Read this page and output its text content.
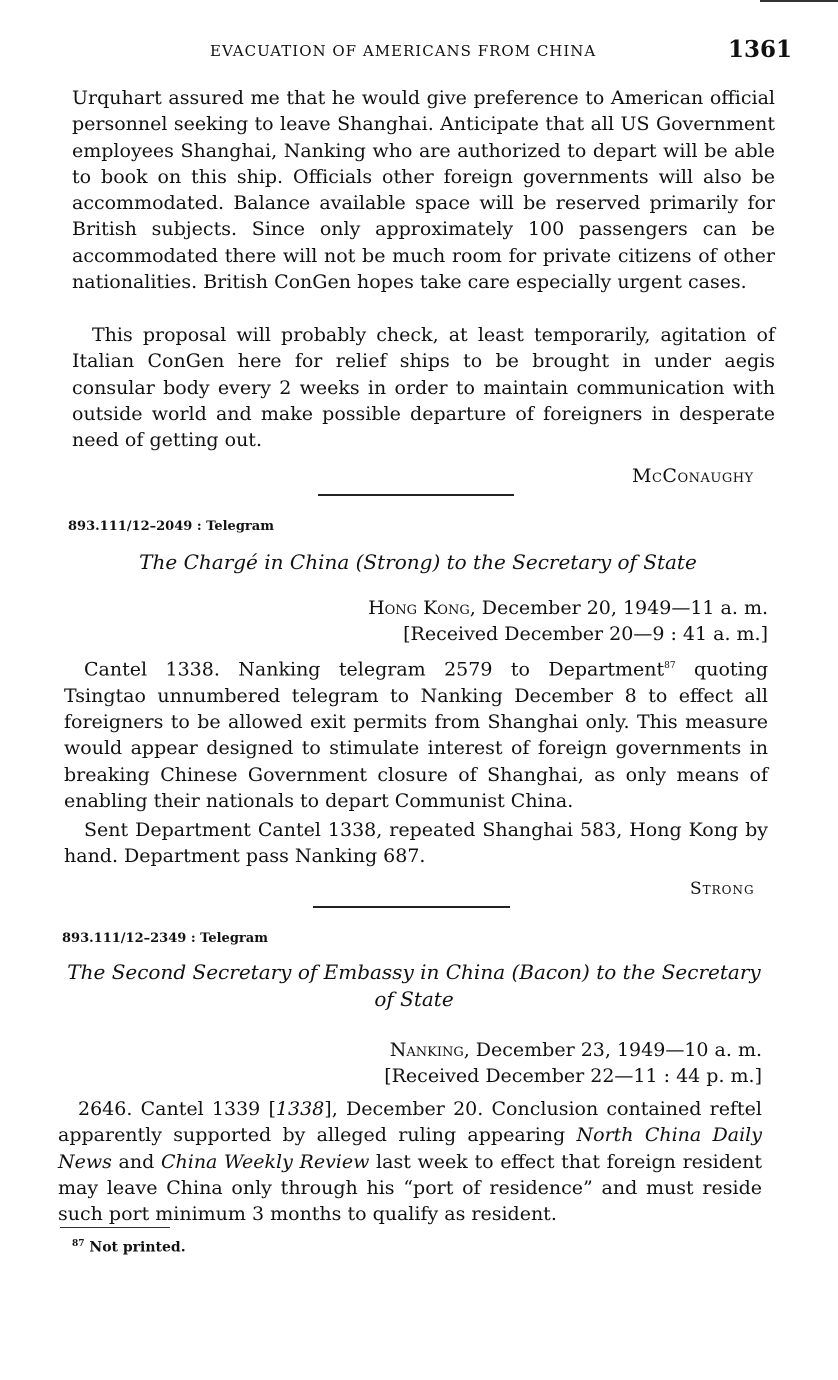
EVACUATION OF AMERICANS FROM CHINA	1361

Urquhart assured me that he would give preference to American official personnel seeking to leave Shanghai. Anticipate that all US Government employees Shanghai, Nanking who are authorized to depart will be able to book on this ship. Officials other foreign governments will also be accommodated. Balance available space will be reserved primarily for British subjects. Since only approximately 100 passengers can be accommodated there will not be much room for private citizens of other nationalities. British ConGen hopes take care especially urgent cases.

This proposal will probably check, at least temporarily, agitation of Italian ConGen here for relief ships to be brought in under aegis consular body every 2 weeks in order to maintain communication with outside world and make possible departure of foreigners in desperate need of getting out.

McConaughy
893.111/12–2049 : Telegram

The Chargé in China (Strong) to the Secretary of State

Hong Kong, December 20, 1949—11 a. m.
[Received December 20—9 : 41 a. m.]

Cantel 1338. Nanking telegram 2579 to Department$^{87}$ quoting Tsingtao unnumbered telegram to Nanking December 8 to effect all foreigners to be allowed exit permits from Shanghai only. This measure would appear designed to stimulate interest of foreign governments in breaking Chinese Government closure of Shanghai, as only means of enabling their nationals to depart Communist China.

Sent Department Cantel 1338, repeated Shanghai 583, Hong Kong by hand. Department pass Nanking 687.

Strong
893.111/12–2349 : Telegram

The Second Secretary of Embassy in China (Bacon) to the Secretary of State

Nanking, December 23, 1949—10 a. m.
[Received December 22—11 : 44 p. m.]

2646. Cantel 1339 [1338], December 20. Conclusion contained reftel apparently supported by alleged ruling appearing North China Daily News and China Weekly Review last week to effect that foreign resident may leave China only through his “port of residence” and must reside such port minimum 3 months to qualify as resident.

$^{87}$ Not printed.
